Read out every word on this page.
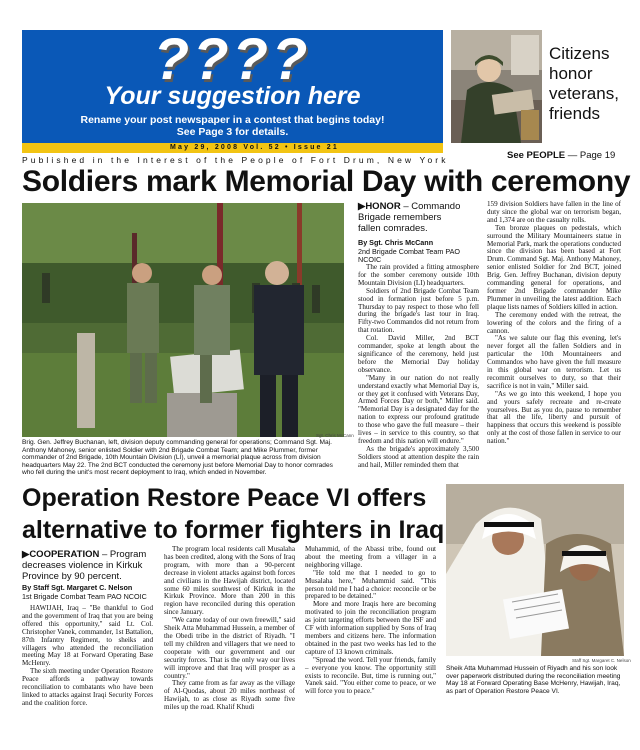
????
Your suggestion here
Rename your post newspaper in a contest that begins today!
See Page 3 for details.
May 29, 2008 Vol. 52 • Issue 21
Published in the Interest of the People of Fort Drum, New York
Citizens
honor
veterans,
friends
See PEOPLE — Page 19
Soldiers mark Memorial Day with ceremony
Sgt. Chris McCann
Brig. Gen. Jeffrey Buchanan, left, division deputy commanding general for operations; Command Sgt. Maj. Anthony Mahoney, senior enlisted Soldier with 2nd Brigade Combat Team; and Mike Plummer, former commander of 2nd Brigade, 10th Mountain Division (LI), unveil a memorial plaque across from division headquarters May 22. The 2nd BCT conducted the ceremony just before Memorial Day to honor comrades who fell during the unit's most recent deployment to Iraq, which ended in November.
▶HONOR – Commando Brigade remembers fallen comrades.
By Sgt. Chris McCann
2nd Brigade Combat Team PAO NCOIC

The rain provided a fitting atmosphere for the somber ceremony outside 10th Mountain Division (LI) headquarters.

Soldiers of 2nd Brigade Combat Team stood in formation just before 5 p.m. Thursday to pay respect to those who fell during the brigade's last tour in Iraq. Fifty-two Commandos did not return from that rotation.

Col. David Miller, 2nd BCT commander, spoke at length about the significance of the ceremony, held just before the Memorial Day holiday observance.

"Many in our nation do not really understand exactly what Memorial Day is, or they get it confused with Veterans Day, Armed Forces Day or both," Miller said. "Memorial Day is a designated day for the nation to express our profound gratitude to those who gave the full measure – their lives – in service to this country, so that freedom and this nation will endure."

As the brigade's approximately 3,500 Soldiers stood at attention despite the rain and hail, Miller reminded them that

159 division Soldiers have fallen in the line of duty since the global war on terrorism began, and 1,374 are on the casualty rolls.

Ten bronze plaques on pedestals, which surround the Military Mountaineers statue in Memorial Park, mark the operations conducted since the division has been based at Fort Drum. Command Sgt. Maj. Anthony Mahoney, senior enlisted Soldier for 2nd BCT, joined Brig. Gen. Jeffrey Buchanan, division deputy commanding general for operations, and former 2nd Brigade commander Mike Plummer in unveiling the latest addition. Each plaque lists names of Soldiers killed in action.

The ceremony ended with the retreat, the lowering of the colors and the firing of a cannon.

"As we salute our flag this evening, let's never forget all the fallen Soldiers and in particular the 10th Mountaineers and Commandos who have given the full measure in this global war on terrorism. Let us recommit ourselves to duty, so that their sacrifice is not in vain," Miller said.

"As we go into this weekend, I hope you and yours safely recreate and re-create yourselves. But as you do, pause to remember that all the life, liberty and pursuit of happiness that occurs this weekend is possible only at the cost of those fallen in service to our nation."

Operation Restore Peace VI offers alternative to former fighters in Iraq
▶COOPERATION – Program decreases violence in Kirkuk Province by 90 percent.
By Staff Sgt. Margaret C. Nelson
1st Brigade Combat Team PAO NCOIC

HAWIJAH, Iraq – "Be thankful to God and the government of Iraq that you are being offered this opportunity," said Lt. Col. Christopher Vanek, commander, 1st Battalion, 87th Infantry Regiment, to sheiks and villagers who attended the reconciliation meeting May 18 at Forward Operating Base McHenry.

The sixth meeting under Operation Restore Peace affords a pathway towards reconciliation to combatants who have been linked to attacks against Iraqi Security Forces and the coalition force.

The program local residents call Musalaha has been credited, along with the Sons of Iraq program, with more than a 90-percent decrease in violent attacks against both forces and civilians in the Hawijah district, located some 60 miles southwest of Kirkuk in the Kirkuk Province. More than 200 in this region have reconciled during this operation since January.

"We came today of our own freewill," said Sheik Atta Muhammad Hussein, a member of the Obedi tribe in the district of Riyadh. "I tell my children and villagers that we need to cooperate with our government and our security forces. That is the only way our lives will improve and that Iraq will prosper as a country."

They came from as far away as the village of Al-Quodas, about 20 miles northeast of Hawijah, to as close as Riyadh some five miles up the road. Khalif Khudi

Muhammid, of the Abassi tribe, found out about the meeting from a villager in a neighboring village.

"He told me that I needed to go to Musalaha here," Muhammid said. "This person told me I had a choice: reconcile or be prepared to be detained."

More and more Iraqis here are becoming motivated to join the reconciliation program as joint targeting efforts between the ISF and CF with information supplied by Sons of Iraq members and citizens here. The information obtained in the past two weeks has led to the capture of 13 known criminals.

"Spread the word. Tell your friends, family – everyone you know. The opportunity still exists to reconcile. But, time is running out," Vanek said. "You either come to peace, or we will force you to peace."

Staff Sgt. Margaret C. Nelson
Sheik Atta Muhammad Hussein of Riyadh and his son look over paperwork distributed during the reconciliation meeting May 18 at Forward Operating Base McHenry, Hawijah, Iraq, as part of Operation Restore Peace VI.
